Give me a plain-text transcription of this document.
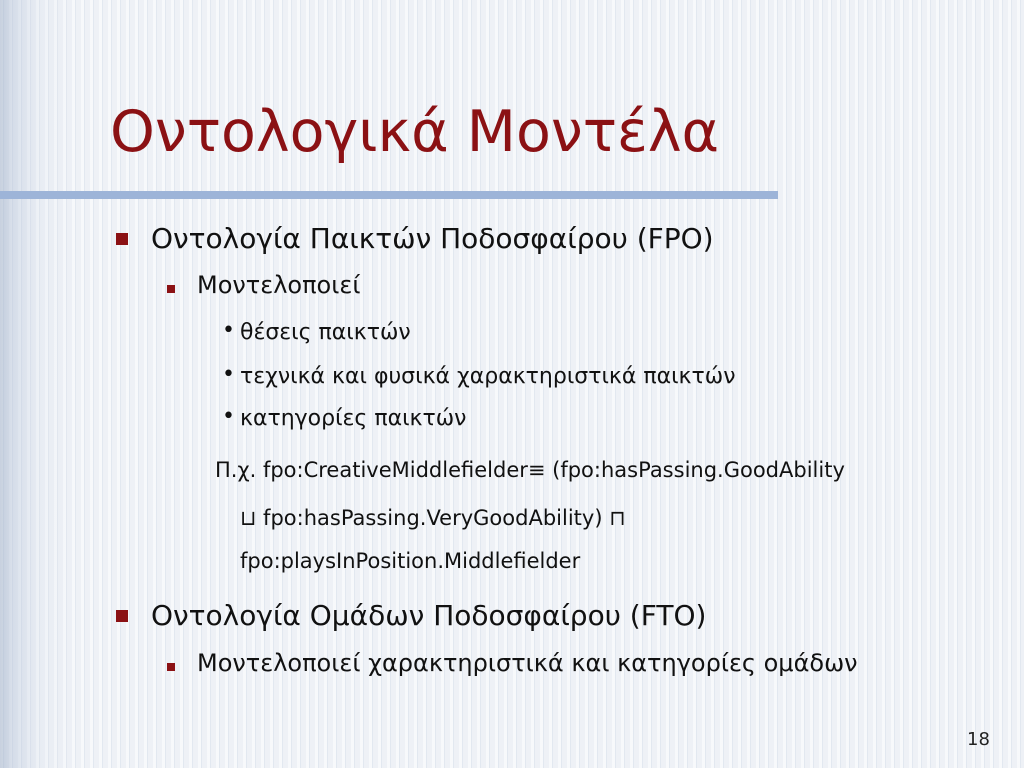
Οντολογικά Μοντέλα
Οντολογία Παικτών Ποδοσφαίρου (FPO)
Μοντελοποιεί
• θέσεις παικτών
• τεχνικά και φυσικά χαρακτηριστικά παικτών
• κατηγορίες παικτών
Π.χ. fpo:CreativeMiddlefielder≡ (fpo:hasPassing.GoodAbility
⊔ fpo:hasPassing.VeryGoodAbility) ⊓
fpo:playsInPosition.Middlefielder
Οντολογία Ομάδων Ποδοσφαίρου (FTO)
Μοντελοποιεί χαρακτηριστικά και κατηγορίες ομάδων
18
